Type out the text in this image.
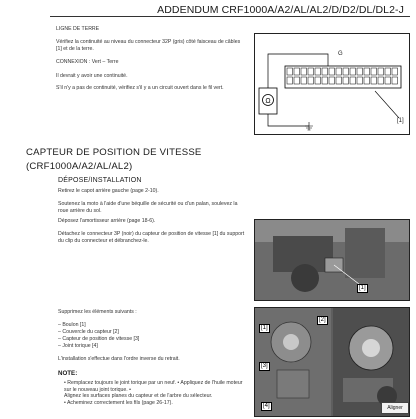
ADDENDUM CRF1000A/A2/AL/AL2/D/D2/DL/DL2-J
LIGNE DE TERRE
Vérifiez la continuité au niveau du connecteur 32P (gris) côté faisceau de câbles [1] et de la terre.
CONNEXION : Vert – Terre
Il devrait y avoir une continuité.
S'il n'y a pas de continuité, vérifiez s'il y a un circuit ouvert dans le fil vert.
Ω
G
[1]
CAPTEUR DE POSITION DE VITESSE
(CRF1000A/A2/AL/AL2)
DÉPOSE/INSTALLATION
Retirez le capot arrière gauche (page 2-10).
Soutenez la moto à l'aide d'une béquille de sécurité ou d'un palan, soulevez la roue arrière du sol.
Déposez l'amortisseur arrière (page 18-6).
Détachez le connecteur 3P (noir) du capteur de position de vitesse [1] du support du clip du connecteur et débranchez-le.
[1]
Supprimez les éléments suivants :
– Boulon [1]
– Couvercle du capteur [2]
– Capteur de position de vitesse [3]
– Joint torique [4]
L'installation s'effectue dans l'ordre inverse du retrait.
NOTE:
• Remplacez toujours le joint torique par un neuf. • Appliquez de l'huile moteur sur le nouveau joint torique. •
Alignez les surfaces planes du capteur et de l'arbre du sélecteur.
• Acheminez correctement les fils (page 26-17).
[1]
[2]
[3]
[4]	Aligner
